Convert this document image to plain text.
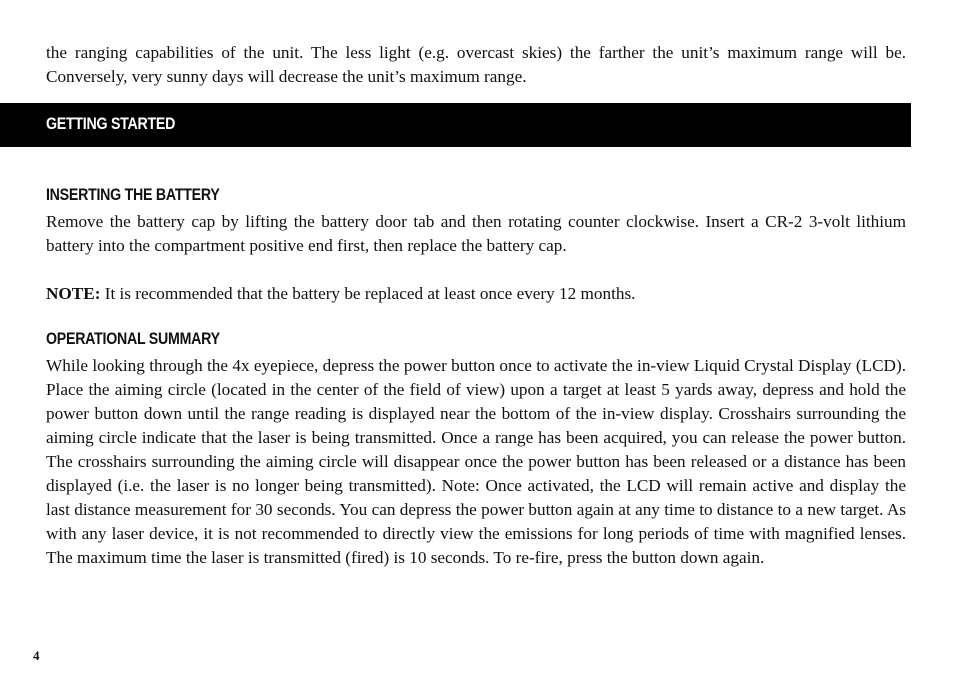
the ranging capabilities of the unit. The less light (e.g. overcast skies) the farther the unit’s maximum range will be. Conversely, very sunny days will decrease the unit’s maximum range.

GETTING STARTED
INSERTING THE BATTERY

Remove the battery cap by lifting the battery door tab and then rotating counter clockwise. Insert a CR-2 3-volt lithium battery into the compartment positive end first, then replace the battery cap.

NOTE: It is recommended that the battery be replaced at least once every 12 months.

OPERATIONAL SUMMARY

While looking through the 4x eyepiece, depress the power button once to activate the in-view Liquid Crystal Display (LCD). Place the aiming circle (located in the center of the field of view) upon a target at least 5 yards away, depress and hold the power button down until the range reading is displayed near the bottom of the in-view display. Crosshairs surrounding the aiming circle indicate that the laser is being transmitted. Once a range has been acquired, you can release the power button. The crosshairs surrounding the aiming circle will disappear once the power button has been released or a distance has been displayed (i.e. the laser is no longer being transmitted). Note: Once activated, the LCD will remain active and display the last distance measurement for 30 seconds. You can depress the power button again at any time to distance to a new target. As with any laser device, it is not recommended to directly view the emissions for long periods of time with magnified lenses. The maximum time the laser is transmitted (fired) is 10 seconds. To re-fire, press the button down again.

4
